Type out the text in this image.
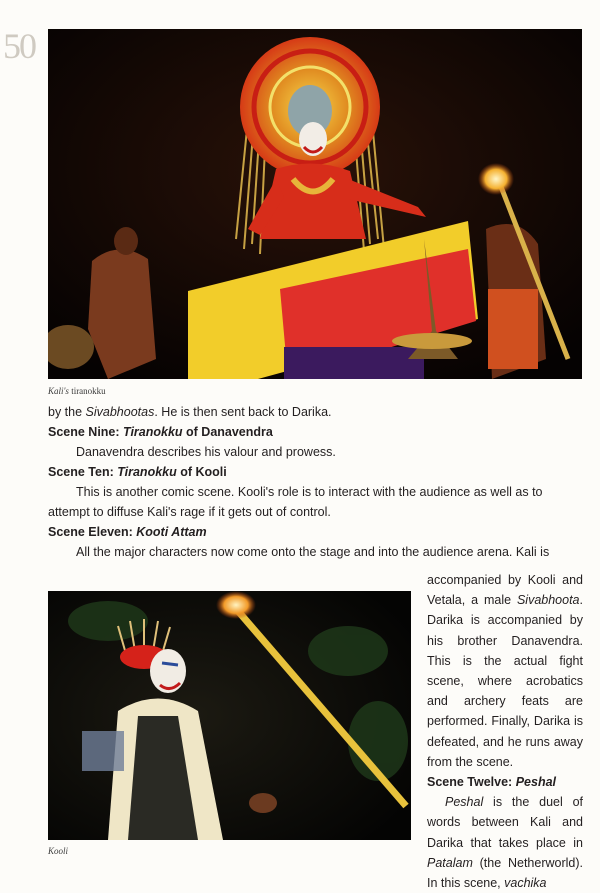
50
Kali's tiranokku

by the Sivabhootas. He is then sent back to Darika.

Scene Nine: Tiranokku of Danavendra

Danavendra describes his valour and prowess.

Scene Ten: Tiranokku of Kooli

This is another comic scene. Kooli's role is to interact with the audience as well as to attempt to diffuse Kali's rage if it gets out of control.

Scene Eleven: Kooti Attam

All the major characters now come onto the stage and into the audience arena. Kali is

accompanied by Kooli and Vetala, a male Sivabhoota. Darika is accompanied by his brother Danavendra. This is the actual fight scene, where acrobatics and archery feats are performed. Finally, Darika is defeated, and he runs away from the scene.

Scene Twelve: Peshal

Peshal is the duel of words between Kali and Darika that takes place in Patalam (the Netherworld). In this scene, vachika

Kooli
